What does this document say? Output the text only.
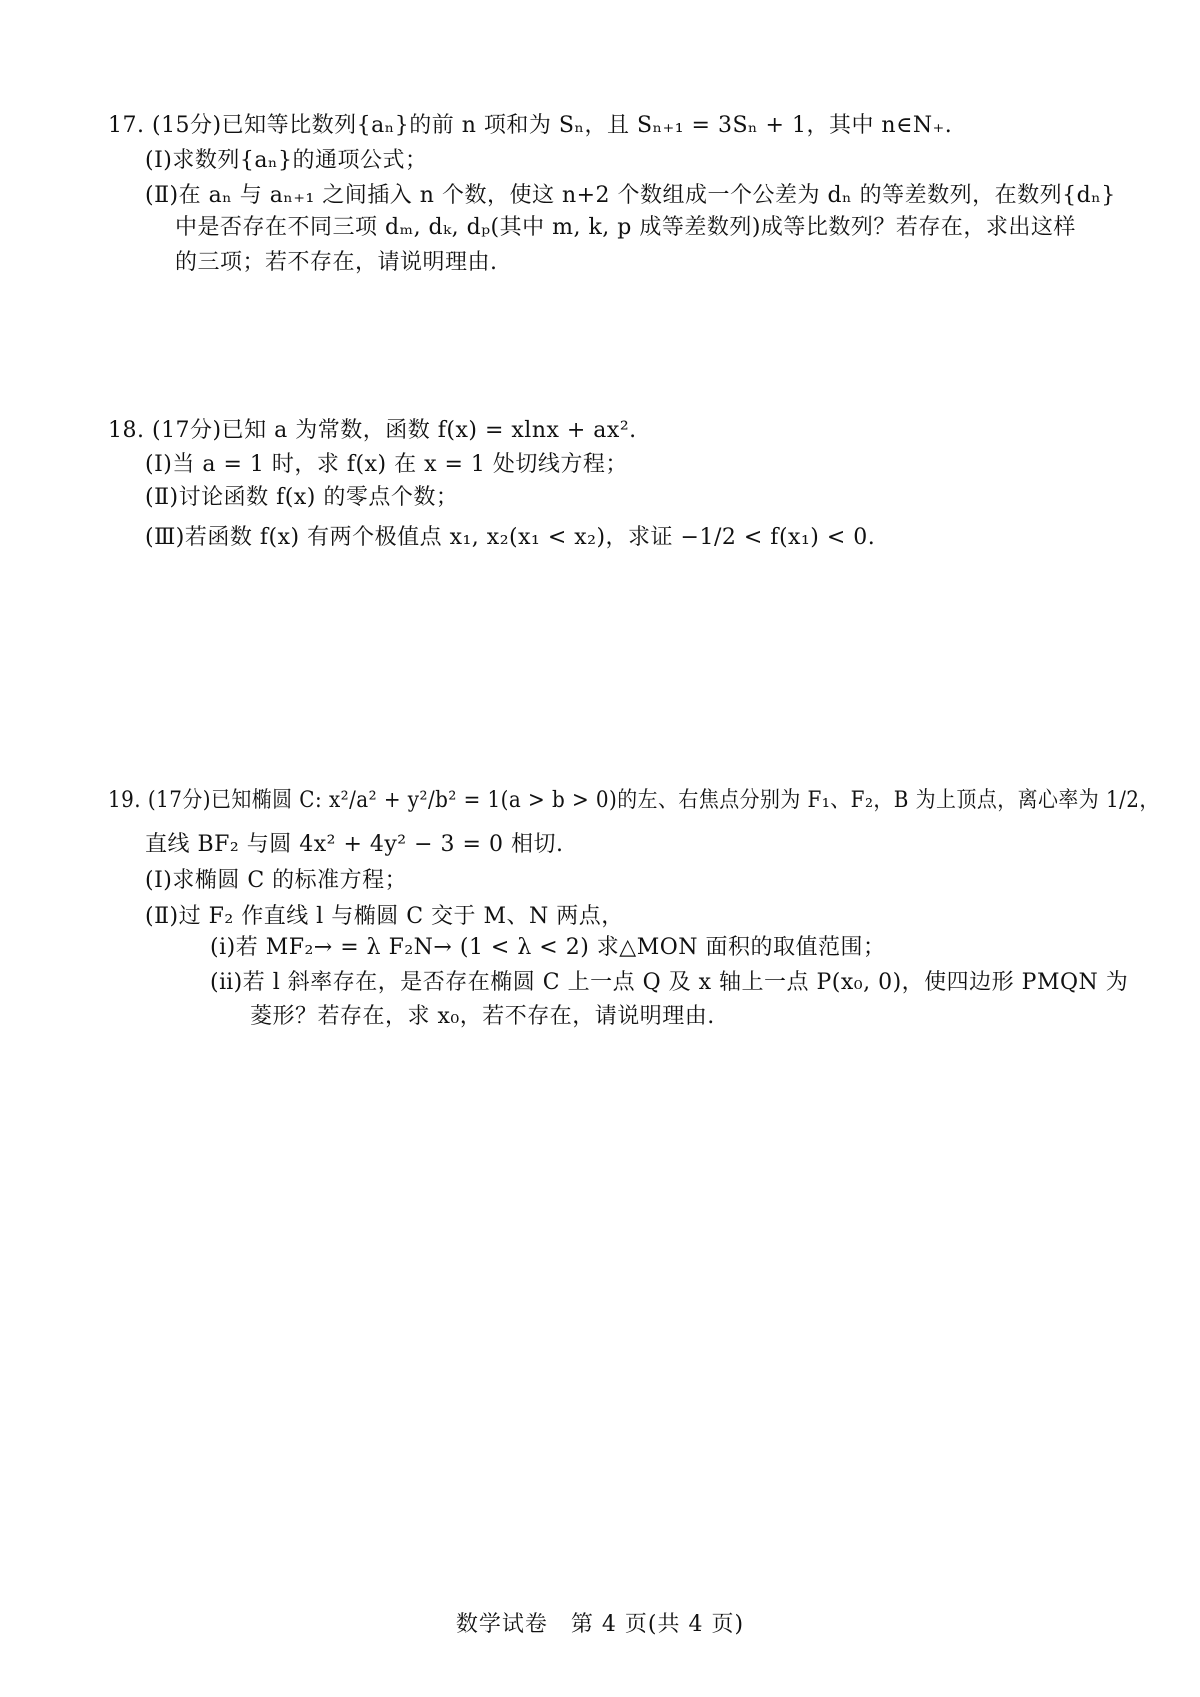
17. (15分)已知等比数列{aₙ}的前 n 项和为 Sₙ，且 Sₙ₊₁ = 3Sₙ + 1，其中 n∈N₊.
(Ⅰ)求数列{aₙ}的通项公式；
(Ⅱ)在 aₙ 与 aₙ₊₁ 之间插入 n 个数，使这 n+2 个数组成一个公差为 dₙ 的等差数列，在数列{dₙ}
中是否存在不同三项 dₘ, dₖ, dₚ(其中 m, k, p 成等差数列)成等比数列？若存在，求出这样
的三项；若不存在，请说明理由.
18. (17分)已知 a 为常数，函数 f(x) = xlnx + ax².
(Ⅰ)当 a = 1 时，求 f(x) 在 x = 1 处切线方程；
(Ⅱ)讨论函数 f(x) 的零点个数；
(Ⅲ)若函数 f(x) 有两个极值点 x₁, x₂(x₁ < x₂)，求证 −1/2 < f(x₁) < 0.
19. (17分)已知椭圆 C: x²/a² + y²/b² = 1(a > b > 0)的左、右焦点分别为 F₁、F₂，B 为上顶点，离心率为 1/2，
直线 BF₂ 与圆 4x² + 4y² − 3 = 0 相切.
(Ⅰ)求椭圆 C 的标准方程；
(Ⅱ)过 F₂ 作直线 l 与椭圆 C 交于 M、N 两点，
(ⅰ)若 MF₂→ = λ F₂N→ (1 < λ < 2) 求△MON 面积的取值范围；
(ⅱ)若 l 斜率存在，是否存在椭圆 C 上一点 Q 及 x 轴上一点 P(x₀, 0)，使四边形 PMQN 为
菱形？若存在，求 x₀，若不存在，请说明理由.
数学试卷　第 4 页(共 4 页)
